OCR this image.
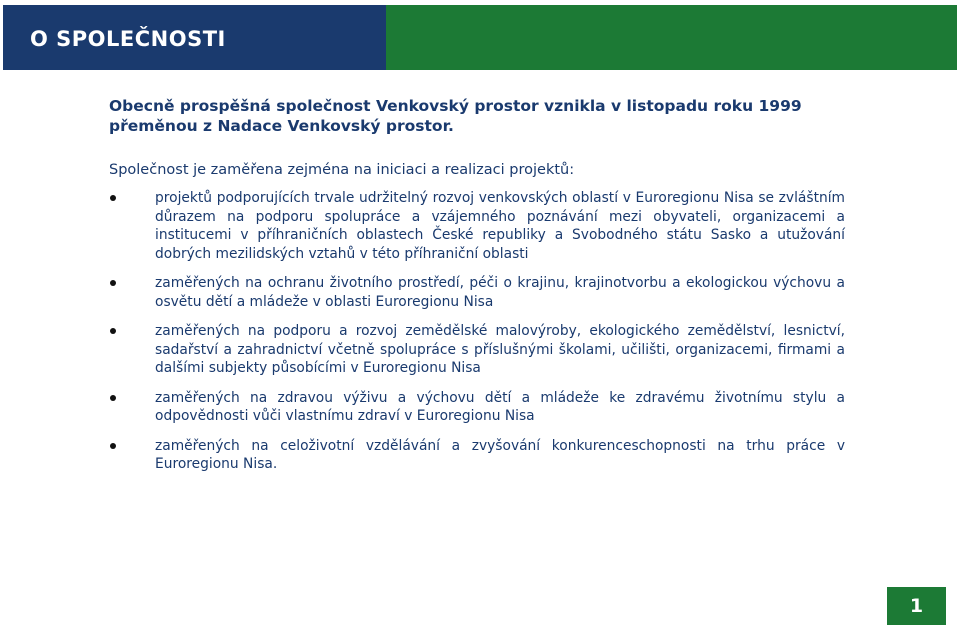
O SPOLEČNOSTI

Obecně prospěšná společnost Venkovský prostor vznikla v listopadu roku 1999 přeměnou z Nadace Venkovský prostor.

Společnost je zaměřena zejména na iniciaci a realizaci projektů:

projektů podporujících trvale udržitelný rozvoj venkovských oblastí v Euroregionu Nisa se zvláštním důrazem na podporu spolupráce a vzájemného poznávání mezi obyvateli, organizacemi a institucemi v příhraničních oblastech České republiky a Svobodného státu Sasko a utužování dobrých mezilidských vztahů v této příhraniční oblasti
zaměřených na ochranu životního prostředí, péči o krajinu, krajinotvorbu a ekologickou výchovu a osvětu dětí a mládeže v oblasti Euroregionu Nisa
zaměřených na podporu a rozvoj zemědělské malovýroby, ekologického zemědělství, lesnictví, sadařství a zahradnictví včetně spolupráce s příslušnými školami, učilišti, organizacemi, firmami a dalšími subjekty působícími v Euroregionu Nisa
zaměřených na zdravou výživu a výchovu dětí a mládeže ke zdravému životnímu stylu a odpovědnosti vůči vlastnímu zdraví v Euroregionu Nisa
zaměřených na celoživotní vzdělávání a zvyšování konkurenceschopnosti na trhu práce v Euroregionu Nisa.
1
